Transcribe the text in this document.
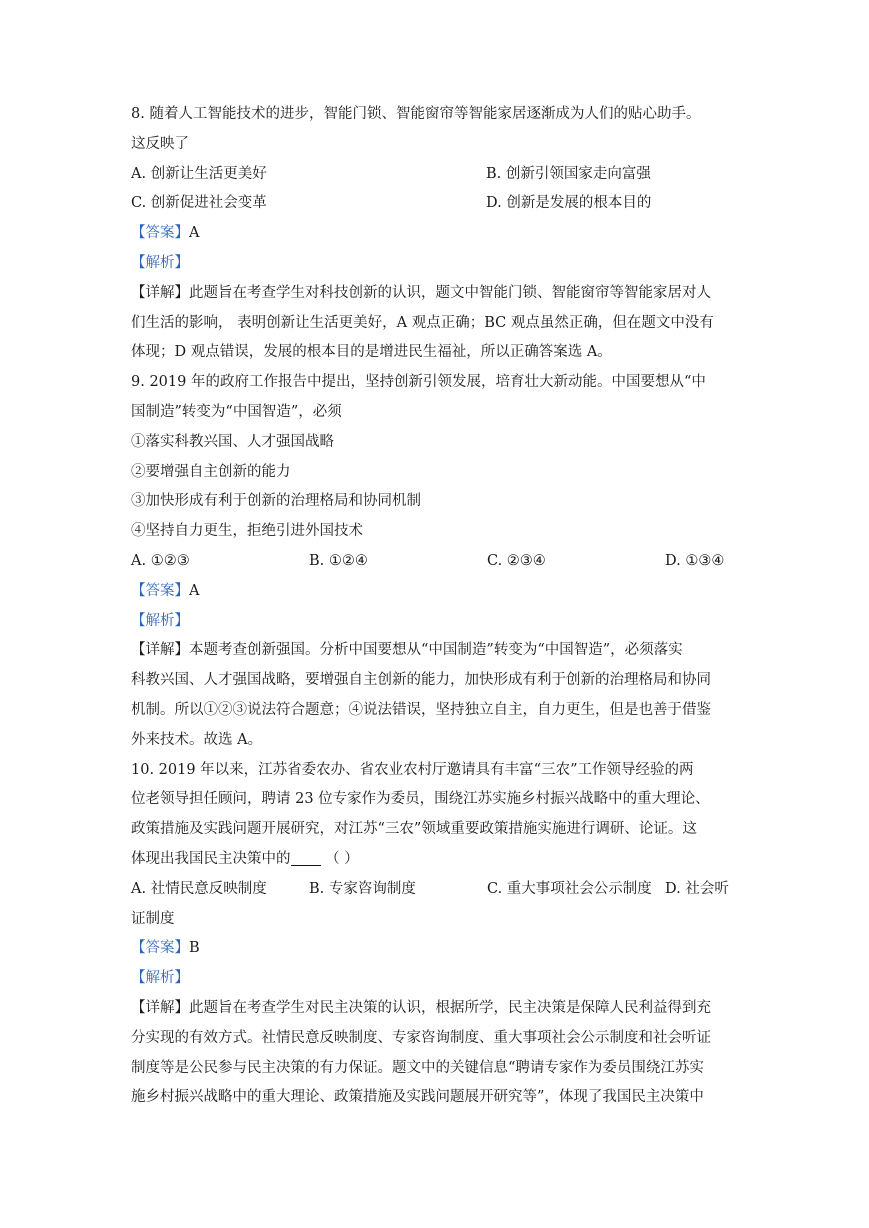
8. 随着人工智能技术的进步，智能门锁、智能窗帘等智能家居逐渐成为人们的贴心助手。
这反映了
A. 创新让生活更美好	B. 创新引领国家走向富强
C. 创新促进社会变革	D. 创新是发展的根本目的
【答案】A
【解析】
【详解】此题旨在考查学生对科技创新的认识，题文中智能门锁、智能窗帘等智能家居对人
们生活的影响， 表明创新让生活更美好，A 观点正确；BC 观点虽然正确，但在题文中没有
体现；D 观点错误，发展的根本目的是增进民生福祉，所以正确答案选 A。
9. 2019 年的政府工作报告中提出，坚持创新引领发展，培育壮大新动能。中国要想从“中
国制造”转变为“中国智造”，必须
①落实科教兴国、人才强国战略
②要增强自主创新的能力
③加快形成有利于创新的治理格局和协同机制
④坚持自力更生，拒绝引进外国技术
A. ①②③	B. ①②④	C. ②③④	D. ①③④
【答案】A
【解析】
【详解】本题考查创新强国。分析中国要想从“中国制造”转变为“中国智造”，必须落实
科教兴国、人才强国战略，要增强自主创新的能力，加快形成有利于创新的治理格局和协同
机制。所以①②③说法符合题意；④说法错误，坚持独立自主，自力更生，但是也善于借鉴
外来技术。故选 A。
10. 2019 年以来，江苏省委农办、省农业农村厅邀请具有丰富“三农”工作领导经验的两
位老领导担任顾问，聘请 23 位专家作为委员，围绕江苏实施乡村振兴战略中的重大理论、
政策措施及实践问题开展研究，对江苏“三农”领域重要政策措施实施进行调研、论证。这
体现出我国民主决策中的 （ ）
A. 社情民意反映制度	B. 专家咨询制度	C. 重大事项社会公示制度 D. 社会听
证制度
【答案】B
【解析】
【详解】此题旨在考查学生对民主决策的认识，根据所学，民主决策是保障人民利益得到充
分实现的有效方式。社情民意反映制度、专家咨询制度、重大事项社会公示制度和社会听证
制度等是公民参与民主决策的有力保证。题文中的关键信息“聘请专家作为委员围绕江苏实
施乡村振兴战略中的重大理论、政策措施及实践问题展开研究等”，体现了我国民主决策中
